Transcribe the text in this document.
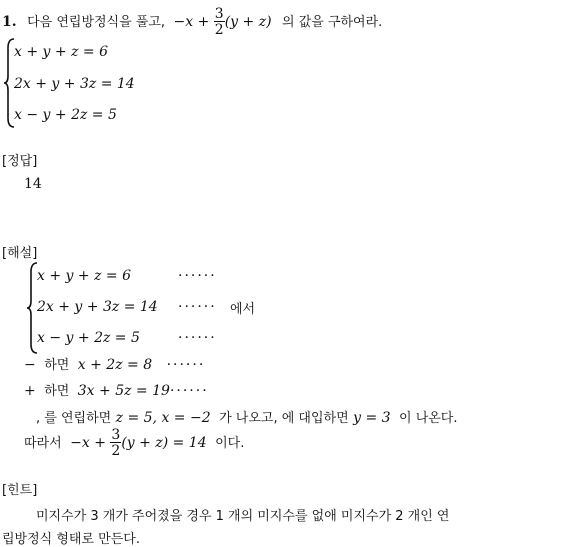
1. 다음 연립방정식을 풀고, $-x + \frac{3}{2} (y + z)$ 의 값을 구하여라.
x + y + z = 6
2x + y + 3z = 14
x − y + 2z = 5
[정답]
14
[해설]
x + y + z = 6
2x + y + 3z = 14
x − y + 2z = 5
······
······
······
에서
− 하면 x + 2z = 8 ······
+ 하면 3x + 5z = 19······
, 를 연립하면 z = 5, x = −2 가 나오고, 에 대입하면 y = 3 이 나온다.
따라서 $-x + \frac{3}{2} (y + z) = 14$ 이다.
[힌트]
미지수가 3 개가 주어졌을 경우 1 개의 미지수를 없애 미지수가 2 개인 연
립방정식 형태로 만든다.
